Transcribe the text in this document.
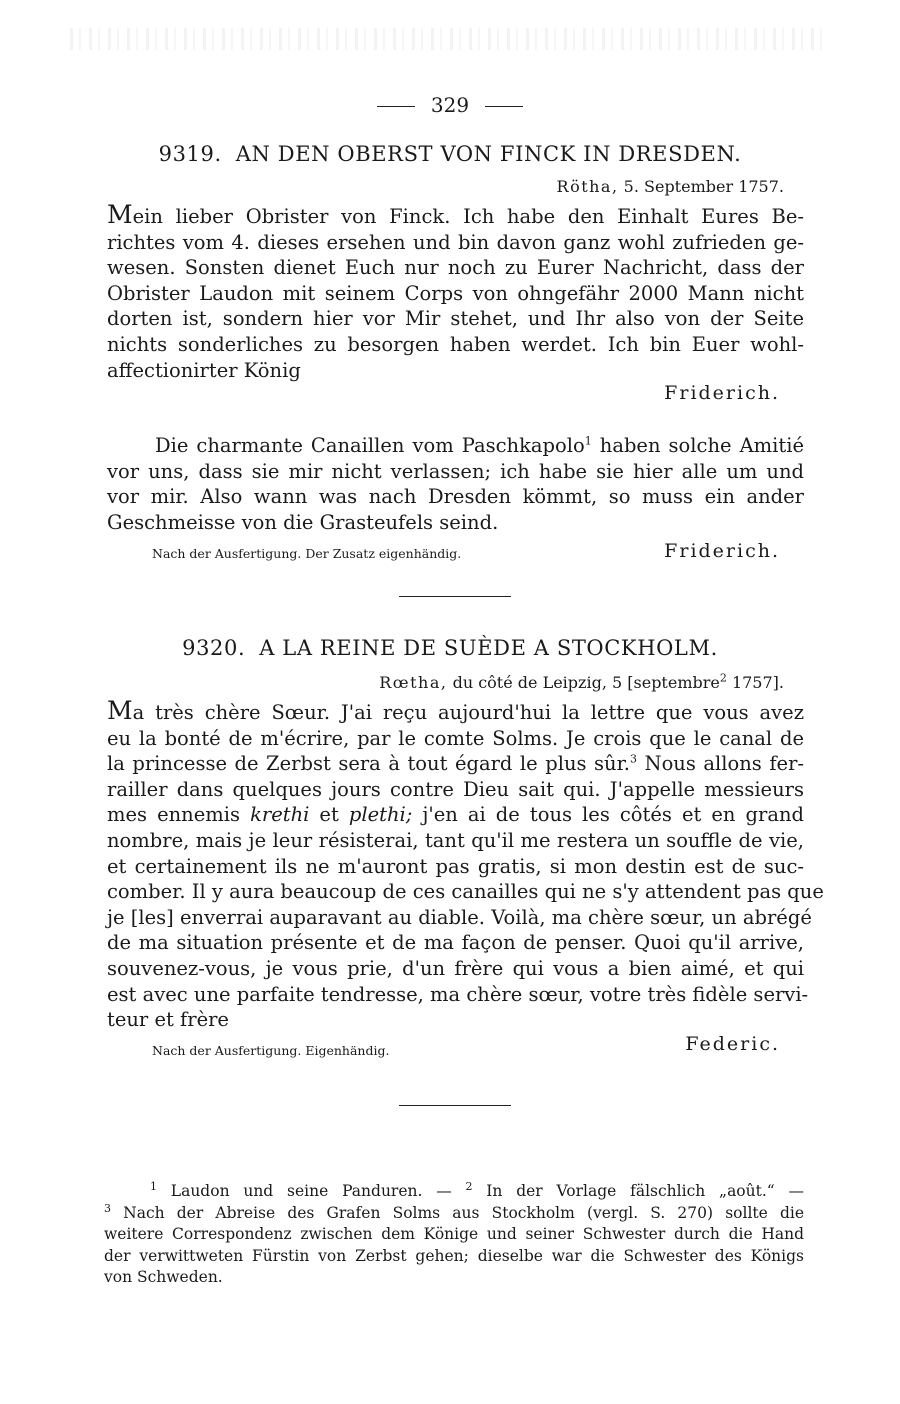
329
9319. AN DEN OBERST VON FINCK IN DRESDEN.
Rötha, 5. September 1757.
Mein lieber Obrister von Finck. Ich habe den Einhalt Eures Be-
richtes vom 4. dieses ersehen und bin davon ganz wohl zufrieden ge-
wesen. Sonsten dienet Euch nur noch zu Eurer Nachricht, dass der
Obrister Laudon mit seinem Corps von ohngefähr 2000 Mann nicht
dorten ist, sondern hier vor Mir stehet, und Ihr also von der Seite
nichts sonderliches zu besorgen haben werdet. Ich bin Euer wohl-
affectionirter König
Friderich.
Die charmante Canaillen vom Paschkapolo$^1$ haben solche Amitié
vor uns, dass sie mir nicht verlassen; ich habe sie hier alle um und
vor mir. Also wann was nach Dresden kömmt, so muss ein ander
Geschmeisse von die Grasteufels seind.
Nach der Ausfertigung. Der Zusatz eigenhändig.	Friderich.
9320. A LA REINE DE SUÈDE A STOCKHOLM.
Rœtha, du côté de Leipzig, 5 [septembre$^2$ 1757].
Ma très chère Sœur. J'ai reçu aujourd'hui la lettre que vous avez
eu la bonté de m'écrire, par le comte Solms. Je crois que le canal de
la princesse de Zerbst sera à tout égard le plus sûr.$^3$ Nous allons fer-
railler dans quelques jours contre Dieu sait qui. J'appelle messieurs
mes ennemis krethi et plethi; j'en ai de tous les côtés et en grand
nombre, mais je leur résisterai, tant qu'il me restera un souffle de vie,
et certainement ils ne m'auront pas gratis, si mon destin est de suc-
comber. Il y aura beaucoup de ces canailles qui ne s'y attendent pas que
je [les] enverrai auparavant au diable. Voilà, ma chère sœur, un abrégé
de ma situation présente et de ma façon de penser. Quoi qu'il arrive,
souvenez-vous, je vous prie, d'un frère qui vous a bien aimé, et qui
est avec une parfaite tendresse, ma chère sœur, votre très fidèle servi-
teur et frère
Nach der Ausfertigung. Eigenhändig.	Federic.
$^1$ Laudon und seine Panduren. — $^2$ In der Vorlage fälschlich „août.“ —
$^3$ Nach der Abreise des Grafen Solms aus Stockholm (vergl. S. 270) sollte die
weitere Correspondenz zwischen dem Könige und seiner Schwester durch die Hand
der verwittweten Fürstin von Zerbst gehen; dieselbe war die Schwester des Königs
von Schweden.
